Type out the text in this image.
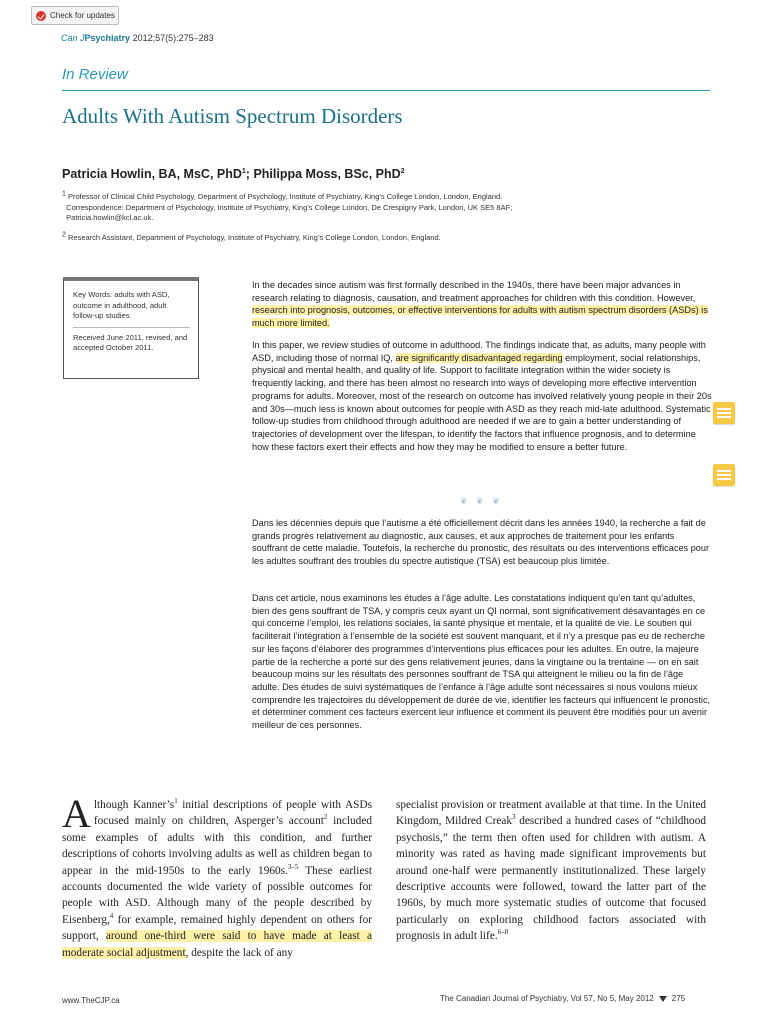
Check for updates
Can JPsychiatry 2012;57(5):275–283
In Review
Adults With Autism Spectrum Disorders
Patricia Howlin, BA, MsC, PhD$^1$; Philippa Moss, BSc, PhD$^2$
1 Professor of Clinical Child Psychology, Department of Psychology, Institute of Psychiatry, King’s College London, London, England.
Correspondence: Department of Psychology, Institute of Psychiatry, King’s College London, De Crespigny Park, London, UK SE5 8AF;
Patricia.howlin@kcl.ac.uk.
2 Research Assistant, Department of Psychology, Institute of Psychiatry, King’s College London, London, England.
Key Words: adults with ASD, outcome in adulthood, adult follow-up studies
Received June 2011, revised, and accepted October 2011.
In the decades since autism was first formally described in the 1940s, there have been major advances in research relating to diagnosis, causation, and treatment approaches for children with this condition. However, research into prognosis, outcomes, or effective interventions for adults with autism spectrum disorders (ASDs) is much more limited.
In this paper, we review studies of outcome in adulthood. The findings indicate that, as adults, many people with ASD, including those of normal IQ, are significantly disadvantaged regarding employment, social relationships, physical and mental health, and quality of life. Support to facilitate integration within the wider society is frequently lacking, and there has been almost no research into ways of developing more effective intervention programs for adults. Moreover, most of the research on outcome has involved relatively young people in their 20s and 30s—much less is known about outcomes for people with ASD as they reach mid-late adulthood. Systematic follow-up studies from childhood through adulthood are needed if we are to gain a better understanding of trajectories of development over the lifespan, to identify the factors that influence prognosis, and to determine how these factors exert their effects and how they may be modified to ensure a better future.
❦ ❦ ❦
Dans les décennies depuis que l’autisme a été officiellement décrit dans les années 1940, la recherche a fait de grands progrès relativement au diagnostic, aux causes, et aux approches de traitement pour les enfants souffrant de cette maladie. Toutefois, la recherche du pronostic, des résultats ou des interventions efficaces pour les adultes souffrant des troubles du spectre autistique (TSA) est beaucoup plus limitée.
Dans cet article, nous examinons les études à l’âge adulte. Les constatations indiquent qu’en tant qu’adultes, bien des gens souffrant de TSA, y compris ceux ayant un QI normal, sont significativement désavantagés en ce qui concerne l’emploi, les relations sociales, la santé physique et mentale, et la qualité de vie. Le soutien qui faciliterait l’intégration à l’ensemble de la société est souvent manquant, et il n’y a presque pas eu de recherche sur les façons d’élaborer des programmes d’interventions plus efficaces pour les adultes. En outre, la majeure partie de la recherche a porté sur des gens relativement jeunes, dans la vingtaine ou la trentaine — on en sait beaucoup moins sur les résultats des personnes souffrant de TSA qui atteignent le milieu ou la fin de l’âge adulte. Des études de suivi systématiques de l’enfance à l’âge adulte sont nécessaires si nous voulons mieux comprendre les trajectoires du développement de durée de vie, identifier les facteurs qui influencent le pronostic, et déterminer comment ces facteurs exercent leur influence et comment ils peuvent être modifiés pour un avenir meilleur de ces personnes.
Although $Kanner’s^1$ initial descriptions of people with ASDs focused mainly on children, Asperger’s account$^2$ included some examples of adults with this condition, and further descriptions of cohorts involving adults as well as children began to appear in the mid-1950s to the early 1960s.$^{3-5}$ These earliest accounts documented the wide variety of possible outcomes for people with ASD. Although many of the people described by Eisenberg,$^4$ for example, remained highly dependent on others for support, around one-third were said to have made at least a moderate social adjustment, despite the lack of any
specialist provision or treatment available at that time. In the United Kingdom, Mildred Creak$^3$ described a hundred cases of “childhood psychosis,” the term then often used for children with autism. A minority was rated as having made significant improvements but around one-half were permanently institutionalized. These largely descriptive accounts were followed, toward the latter part of the 1960s, by much more systematic studies of outcome that focused particularly on exploring childhood factors associated with prognosis in adult life.$^{6-8}$
www.TheCJP.ca	The Canadian Journal of Psychiatry, Vol 57, No 5, May 2012 275
